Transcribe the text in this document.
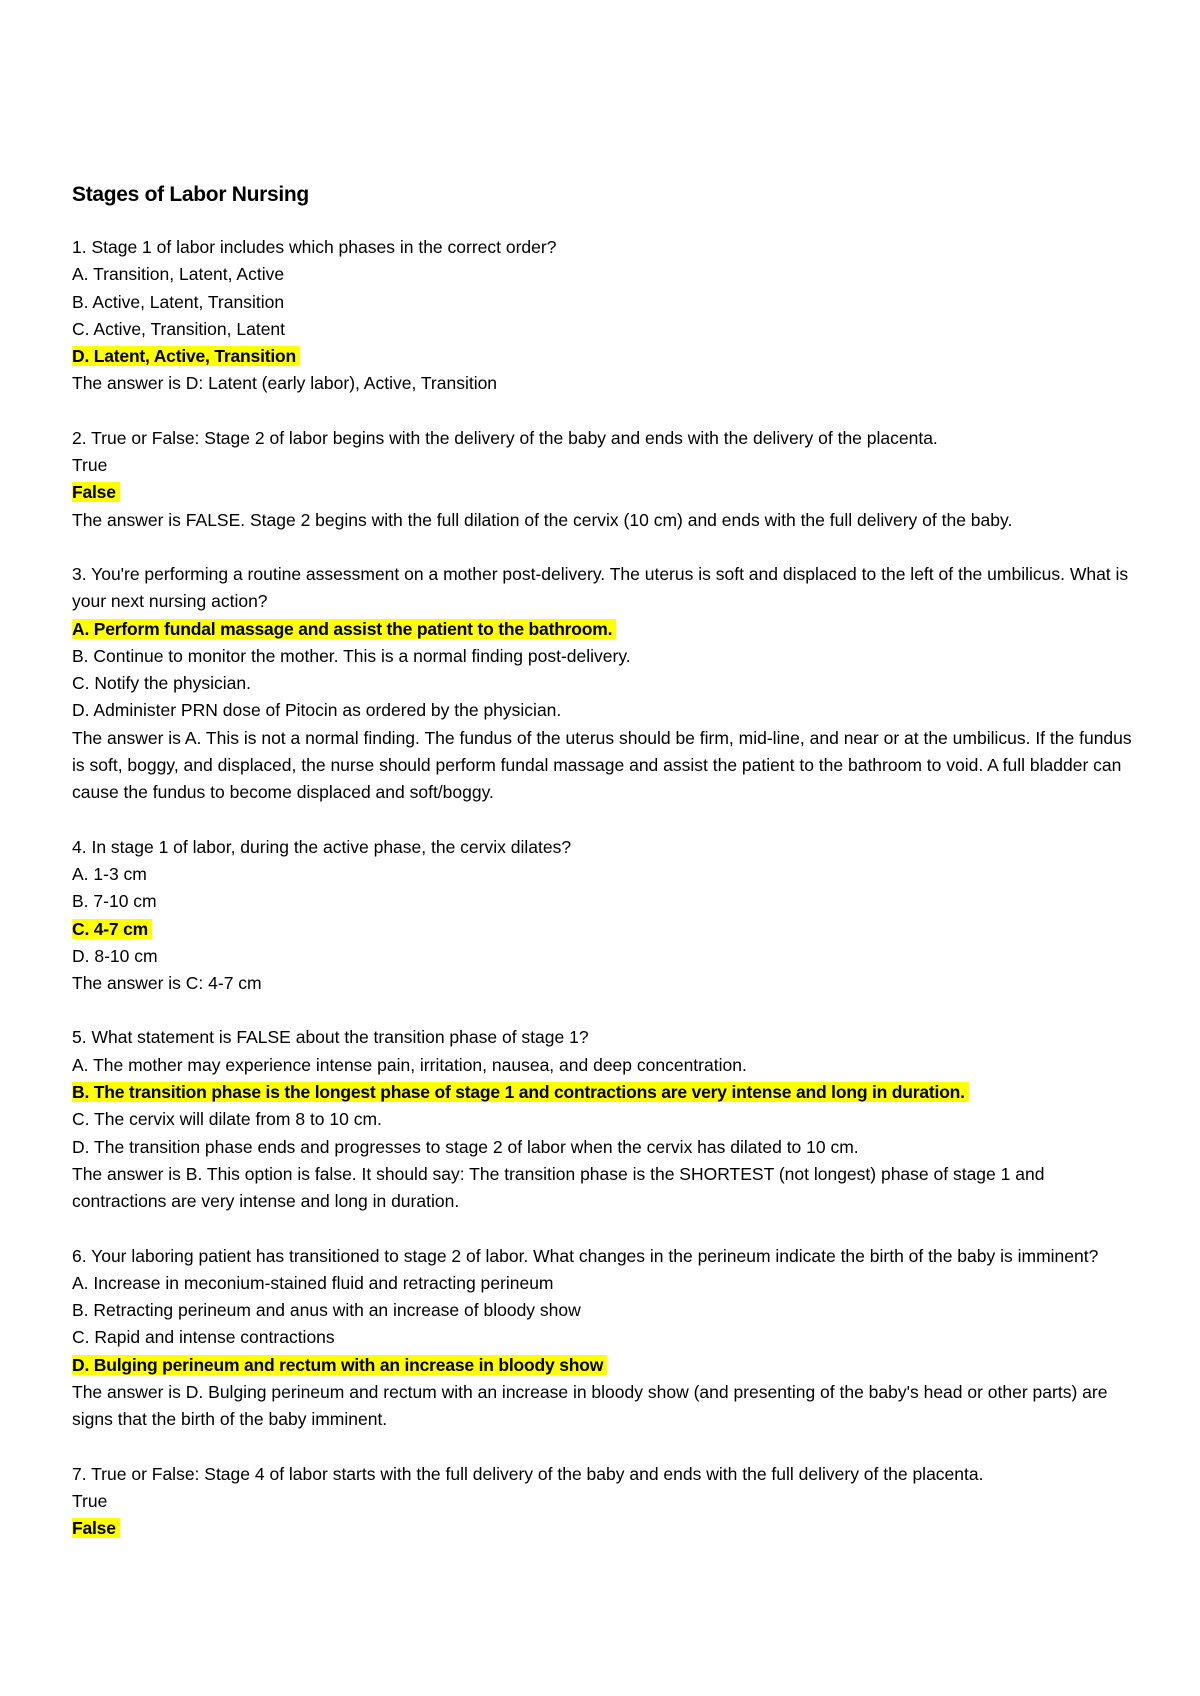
Stages of Labor Nursing
1. Stage 1 of labor includes which phases in the correct order?
A. Transition, Latent, Active
B. Active, Latent, Transition
C. Active, Transition, Latent
D. Latent, Active, Transition
The answer is D: Latent (early labor), Active, Transition
2. True or False: Stage 2 of labor begins with the delivery of the baby and ends with the delivery of the placenta.
True
False
The answer is FALSE. Stage 2 begins with the full dilation of the cervix (10 cm) and ends with the full delivery of the baby.
3. You're performing a routine assessment on a mother post-delivery. The uterus is soft and displaced to the left of the umbilicus. What is your next nursing action?
A. Perform fundal massage and assist the patient to the bathroom.
B. Continue to monitor the mother. This is a normal finding post-delivery.
C. Notify the physician.
D. Administer PRN dose of Pitocin as ordered by the physician.
The answer is A. This is not a normal finding. The fundus of the uterus should be firm, mid-line, and near or at the umbilicus. If the fundus is soft, boggy, and displaced, the nurse should perform fundal massage and assist the patient to the bathroom to void. A full bladder can cause the fundus to become displaced and soft/boggy.
4. In stage 1 of labor, during the active phase, the cervix dilates?
A. 1-3 cm
B. 7-10 cm
C. 4-7 cm
D. 8-10 cm
The answer is C: 4-7 cm
5. What statement is FALSE about the transition phase of stage 1?
A. The mother may experience intense pain, irritation, nausea, and deep concentration.
B. The transition phase is the longest phase of stage 1 and contractions are very intense and long in duration.
C. The cervix will dilate from 8 to 10 cm.
D. The transition phase ends and progresses to stage 2 of labor when the cervix has dilated to 10 cm.
The answer is B. This option is false. It should say: The transition phase is the SHORTEST (not longest) phase of stage 1 and contractions are very intense and long in duration.
6. Your laboring patient has transitioned to stage 2 of labor. What changes in the perineum indicate the birth of the baby is imminent?
A. Increase in meconium-stained fluid and retracting perineum
B. Retracting perineum and anus with an increase of bloody show
C. Rapid and intense contractions
D. Bulging perineum and rectum with an increase in bloody show
The answer is D. Bulging perineum and rectum with an increase in bloody show (and presenting of the baby's head or other parts) are signs that the birth of the baby imminent.
7. True or False: Stage 4 of labor starts with the full delivery of the baby and ends with the full delivery of the placenta.
True
False
